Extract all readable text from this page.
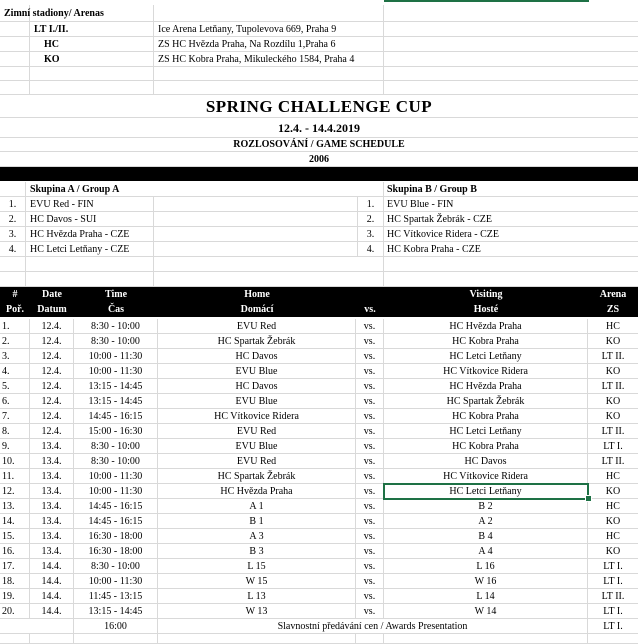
Zimní stadiony/ Arenas
LT I./II.	Ice Arena Letňany, Tupolevova 669, Praha 9
HC	ZS HC Hvězda Praha, Na Rozdílu 1,Praha 6
KO	ZS HC Kobra Praha, Mikuleckého 1584, Praha 4
SPRING CHALLENGE CUP
12.4. - 14.4.2019
ROZLOSOVÁNÍ / GAME SCHEDULE
2006
Skupina A / Group A	Skupina B / Group B
1.	EVU Red - FIN	1.	EVU Blue - FIN
2.	HC Davos - SUI	2.	HC Spartak Žebrák - CZE
3.	HC Hvězda Praha - CZE	3.	HC Vítkovice Ridera - CZE
4.	HC Letci Letňany - CZE	4.	HC Kobra Praha - CZE
#	Date	Time	Home	Visiting	Arena
Poř.	Datum	Čas	Domácí	vs.	Hosté	ZS
1.	12.4.	8:30 - 10:00	EVU Red	vs.	HC Hvězda Praha	HC
2.	12.4.	8:30 - 10:00	HC Spartak Žebrák	vs.	HC Kobra Praha	KO
3.	12.4.	10:00 - 11:30	HC Davos	vs.	HC Letci Letňany	LT II.
4.	12.4.	10:00 - 11:30	EVU Blue	vs.	HC Vítkovice Ridera	KO
5.	12.4.	13:15 - 14:45	HC Davos	vs.	HC Hvězda Praha	LT II.
6.	12.4.	13:15 - 14:45	EVU Blue	vs.	HC Spartak Žebrák	KO
7.	12.4.	14:45 - 16:15	HC Vítkovice Ridera	vs.	HC Kobra Praha	KO
8.	12.4.	15:00 - 16:30	EVU Red	vs.	HC Letci Letňany	LT II.
9.	13.4.	8:30 - 10:00	EVU Blue	vs.	HC Kobra Praha	LT I.
10.	13.4.	8:30 - 10:00	EVU Red	vs.	HC Davos	LT II.
11.	13.4.	10:00 - 11:30	HC Spartak Žebrák	vs.	HC Vítkovice Ridera	HC
12.	13.4.	10:00 - 11:30	HC Hvězda Praha	vs.	HC Letci Letňany	KO
13.	13.4.	14:45 - 16:15	A 1	vs.	B 2	HC
14.	13.4.	14:45 - 16:15	B 1	vs.	A 2	KO
15.	13.4.	16:30 - 18:00	A 3	vs.	B 4	HC
16.	13.4.	16:30 - 18:00	B 3	vs.	A 4	KO
17.	14.4.	8:30 - 10:00	L 15	vs.	L 16	LT I.
18.	14.4.	10:00 - 11:30	W 15	vs.	W 16	LT I.
19.	14.4.	11:45 - 13:15	L 13	vs.	L 14	LT II.
20.	14.4.	13:15 - 14:45	W 13	vs.	W 14	LT I.
16:00	Slavnostní předávání cen / Awards Presentation	LT I.
